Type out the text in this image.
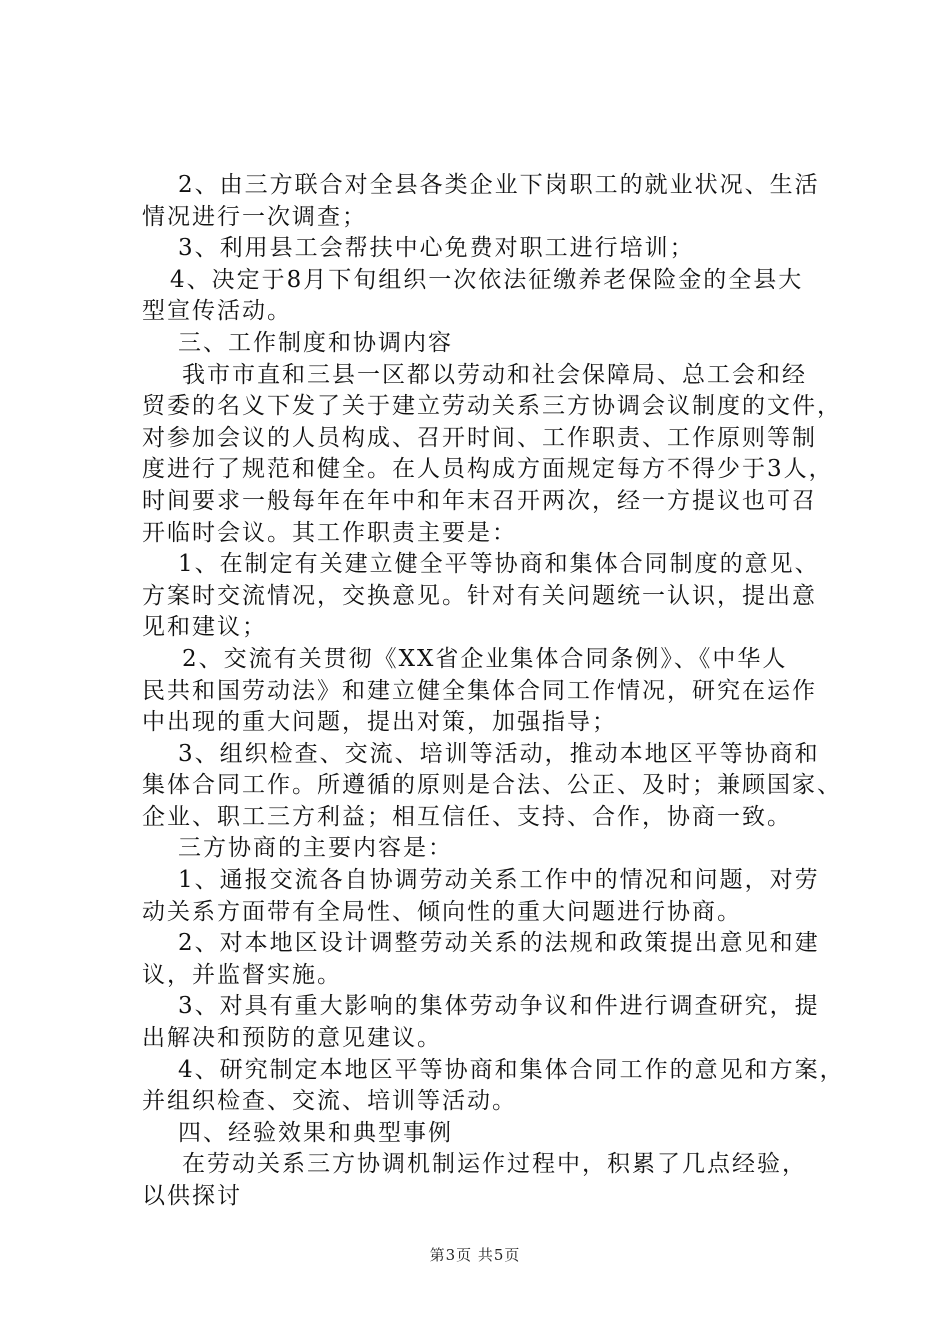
2、由三方联合对全县各类企业下岗职工的就业状况、生活
情况进行一次调查；
3、利用县工会帮扶中心免费对职工进行培训；
4、决定于8月下旬组织一次依法征缴养老保险金的全县大
型宣传活动。
三、工作制度和协调内容
我市市直和三县一区都以劳动和社会保障局、总工会和经
贸委的名义下发了关于建立劳动关系三方协调会议制度的文件，
对参加会议的人员构成、召开时间、工作职责、工作原则等制
度进行了规范和健全。在人员构成方面规定每方不得少于3人，
时间要求一般每年在年中和年末召开两次，经一方提议也可召
开临时会议。其工作职责主要是：
1、在制定有关建立健全平等协商和集体合同制度的意见、
方案时交流情况，交换意见。针对有关问题统一认识，提出意
见和建议；
2、交流有关贯彻《XX省企业集体合同条例》、《中华人
民共和国劳动法》和建立健全集体合同工作情况，研究在运作
中出现的重大问题，提出对策，加强指导；
3、组织检查、交流、培训等活动，推动本地区平等协商和
集体合同工作。所遵循的原则是合法、公正、及时；兼顾国家、
企业、职工三方利益；相互信任、支持、合作，协商一致。
三方协商的主要内容是：
1、通报交流各自协调劳动关系工作中的情况和问题，对劳
动关系方面带有全局性、倾向性的重大问题进行协商。
2、对本地区设计调整劳动关系的法规和政策提出意见和建
议，并监督实施。
3、对具有重大影响的集体劳动争议和件进行调查研究，提
出解决和预防的意见建议。
4、研究制定本地区平等协商和集体合同工作的意见和方案，
并组织检查、交流、培训等活动。
四、经验效果和典型事例
在劳动关系三方协调机制运作过程中，积累了几点经验，
以供探讨
第3页 共5页
